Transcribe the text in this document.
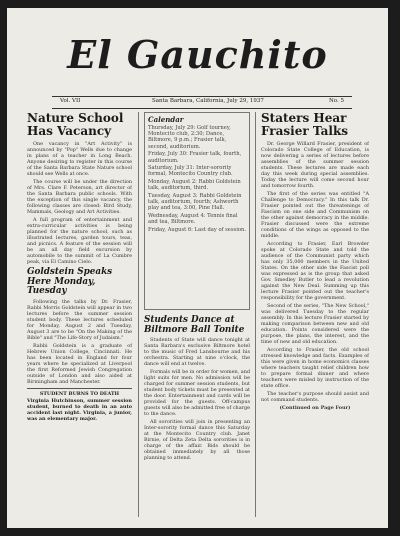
El Gauchito
Vol. VII	Santa Barbara, California, July 29, 1937	No. 5
Nature School Has Vacancy

One vacancy in "Art Activity" is announced by "Pop" Wells due to change in plans of a teacher in Long Beach. Anyone desiring to register in this course of the Santa Barbara State Nature school should see Wells at once.

The course will be under the direction of Mrs. Clare F. Peterson, art director of the Santa Barbara public schools. With the exception of this single vacancy, the following classes are closed: Bird Study, Mammals, Geology and Art Activities.

A full program of entertainment and extra-curricular activities is being planned for the nature school, such as illustrated lectures, garden tours, teas, and picnics. A feature of the session will be an all day field excursion by automobile to the summit of La Cumbre peak, via El Camino Cielo.

Goldstein Speaks Here Monday, Tuesday

Following the talks by Dr. Frasier, Rabbi Morris Goldstein will appear in two lectures before the summer session student body. These lectures scheduled for Monday, August 2 and Tuesday, August 3 are to be "On the Making of the Bible" and "The Life-Story of Judaism."

Rabbi Goldstein is a graduate of Hebrew Union College, Cincinnati. He has been located in England for four years where he specialized at Liverpool the first Reformed Jewish Congregation outside of London and also aided at Birmingham and Manchester.

STUDENT BURNS TO DEATH

Virginia Hutchinson, summer session student, burned to death in an auto accident last night. Virginia, a junior, was an elementary major.

Calendar

Thursday, July 29: Golf tourney, Montecito club, 2:30; Dance, Biltmore, 9 p.m.; Frasier talk, second, auditorium.

Friday, July 30: Frasier talk, fourth, auditorium.

Saturday, July 31: Inter-sorority formal, Montecito Country club.

Monday, August 2: Rabbi Goldstein talk, auditorium, third.

Tuesday, August 3: Rabbi Goldstein talk, auditorium, fourth; Ashworth play and tea, 3:00, Pine Hall.

Wednesday, August 4: Tennis final and tea, Biltmore.

Friday, August 6: Last day of session.

Students Dance at Biltmore Ball Tonite

Students of State will dance tonight at Santa Barbara's exclusive Biltmore hotel to the music of Fred Lansbourne and his orchestra. Starting at nine o'clock, the dance will end at twelve.

Formals will be in order for women, and light suits for men. No admission will be charged for summer session students, but student body tickets must be presented at the door. Entertainment and cards will be provided for the guests. Off-campus guests will also be admitted free of charge to the dance.

All sororities will join in presenting an Inter-sorority formal dance this Saturday at the Montecito Country club. Janet Birnie, of Delta Zeta Delta sororities is in charge of the affair. Bids should be obtained immediately by all those planning to attend.

Staters Hear Frasier Talks

Dr. George Willard Frasier, president of Colorado State College of Education, is now delivering a series of lectures before assemblies of the summer session students. These lectures are made each day this week during special assemblies. Today the lecture will come second hour and tomorrow fourth.

The first of the series was entitled "A Challenge to Democracy." In this talk Dr. Frasier pointed out the threatenings of Fascism on one side and Communism on the other against democracy in the middle. Frasier discussed were the extreme conditions of the wings as opposed to the middle.

According to Frasier, Earl Browder spoke at Colorado State and told the audience of the Communist party which has only 35,000 members in the United States. On the other side the Fascist poll was expressed as is the group that asked Gov. Smedley Butler to lead a revolution against the New Deal. Summing up this lecture Frasier pointed out the teacher's responsibility for the government.

Second of the series, "The New School," was delivered Tuesday to the regular assembly. In this lecture Frasier started by making comparison between new and old education. Points considered were the purpose, the plans, the interest, and the time of new and old education.

According to Frasier, the old school stressed knowledge and facts. Examples of this were given in home economics classes where teachers taught relief children how to prepare formal dinner and where teachers were misled by instruction of the state office.

The teacher's purpose should assist and not command students.

(Continued on Page Four)
